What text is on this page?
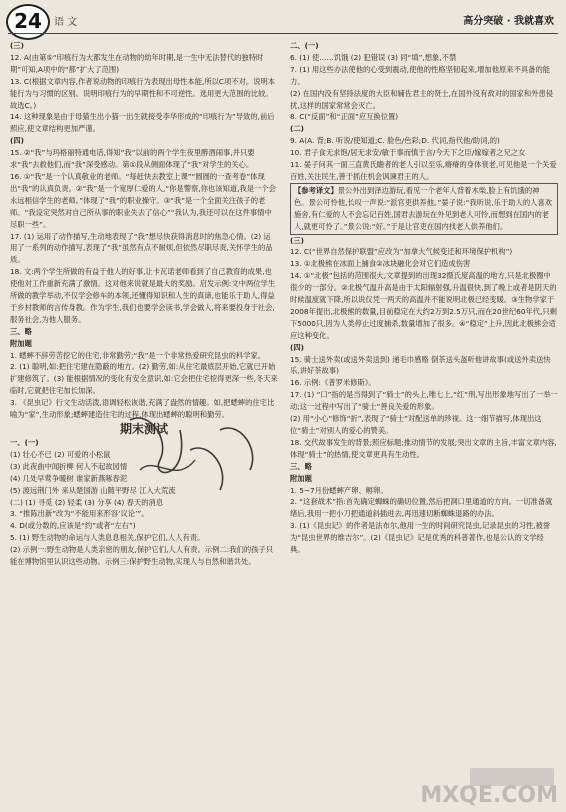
24	语 文	高分突破 · 我就喜欢

(三)

12. A(由第⑤“印痕行为大都发生在动物的幼年时期,是一生中无法替代的独特时期”可知,A项中的“都”扩大了范围)

13. C(根据文章内容,作者说动物的印痕行为表现出母性本能,所以C项不对。说明本能行为与习惯的区别。说明印痕行为的早期性和不可逆性。选用更大范围的比较。故选C。)

14. 这种现象是由于母猫生出小猫一出生就接受李华形成的“印痕行为”导致的,前后照应,使文章结构更加严谨。

(四)

15. ②“我”与玛格丽特通电话,得知“我”以前的两个学生夜里醉酒闹事,并只要求“我”去救他们,而“我”深受感动。第①段从侧面体现了“我”对学生的关心。

16. ①“我”是一个认真敬业的老师。“每赶快去教室上课”“圆圆的一查考卷”体现出“我”的认真负责。②“我”是一个宽厚仁爱的人,“你是警察,你也该知道,我是一个会永远相信学生的老师。”体现了“我”的职业操守。③“我”是一个全面关注孩子的老师。“我设定突然对自己所从事的职业失去了信心”“我认为,我还可以在这件事情中尽职一些”。

17. (1) 运用了动作描写,生动地表现了“我”想尽快获得消息时的焦急心情。(2) 运用了一系列的动作描写,表现了“我”虽然有点不耐烦,但依然尽职尽责,关怀学生的品质。

18. 文:两个学生所做的有益于他人的好事,让卡瓦诺老师看到了自己教育的成果,也使他对工作重新充满了激情。这对他来说就是最大的奖励。启发示例:文中两位学生所做的教学举动,不仅学会修车的本领,还懂得知识和人生的真谛,也能乐于助人,得益于乡村教师的言传身教。作为学生,我们也要学会读书,学会做人,将来要投身于社会,服务社会,为他人服务。

三、略

附加题

1. 蟋蟀不辞劳苦挖它的住宅,非常勤劳;“我”是一个非常热爱研究昆虫的科学家。

2. (1) 聪明,如:把住宅建在隐蔽的地方。(2) 勤劳,如:从住宅最底层开始,它就已开始扩建修筑了。(3) 能根据情况的变化有安全意识,如:它会把住宅挖得更深一些,冬天来临时,它就把住宅加长加深。

3. 《昆虫记》行文生动活泼,语调轻松诙谐,充满了盎然的情趣。如,把蟋蟀的住宅比喻为“家”,生动形象;蟋蟀建造住宅的过程,体现出蟋蟀的聪明和勤劳。

期末测试

一、(一)

(1) 壮心不已 (2) 可爱的小松鼠

(3) 此夜曲中闻折柳 何人不起故园情

(4) 几处早莺争暖树 谁家新燕啄春泥

(5) 渡远荆门外 来从楚国游 山随平野尽 江入大荒流

(二) (1) 寻觅 (2) 轻柔 (3) 分享 (4) 春天的消息

3. “推陈出新”改为“不能用来形容‘议论’”。

4. D(或分数的,应该是“约”或者“左右”)

5. (1) 野生动物的命运与人类息息相关,保护它们,人人有责。

(2) 示例一:野生动物是人类亲密的朋友,保护它们,人人有责。示例二:我们的孩子只能在博物馆里认识这些动物。示例三:保护野生动物,实现人与自然和谐共处。

二、(一)

6. (1) 使……饥饿 (2) 犯错误 (3) 同“填”,想象,不禁

7. (1) 用这些办法使他的心受到震动,使他的性格坚韧起来,增加他原来不具备的能力。

(2) 在国内没有坚持法度的大臣和辅佐君主的贤士,在国外没有敌对的国家和外患侵扰,这样的国家常常会灭亡。

8. C(“反面”和“正面”应互换位置)

(二)

9. A(A. 背;B. 听说/使知道;C. 脸色/色彩;D. 代词,指代他/助词,的)

10. 君子食无求饱/居无求安/敏于事而慎于言/今天下之臣/嫁嫁者之兄之女

11. 晏子问其一面三直黄氏瞻者的老人引以至乐,瘠瘠的身体衰老,可见他是一个关爱百姓,关注民生,善于抓住机会讽谏君王的人。

【参考译文】景公外出到泽边游玩,看见一个老年人背着木柴,脸上有饥饿的神色。景公可怜他,长叹一声说:“派官吏供养他。”晏子说:“我听说,乐于助人的人喜欢施舍,有仁爱的人不会忘记百姓,国君去游玩在外见到老人可怜,而想到在国内的老人,就更可怜了。”景公说:“好。”于是让官吏在国内找老人供养他们。

(三)

12. C(“世界自然保护联盟”应改为“加拿大气候变迁和环境保护机构”)

13. ①北极熊在冰面上捕食②冰块融化会对它们造成伤害

14. ①“北极”包括的范围很大,文章提到的出现32摄氏度高温的地方,只是北极圈中很少的一部分。②北极气温升高是由于太阳辐射强,升温很快,到了晚上或者是阴天的时候温度就下降,所以说仅凭一两天的高温并不能说明北极已经变暖。③生物学家于2008年提出,北极熊的数量,目前稳定在大约2万到2.5万只,而在20世纪60年代,只剩下5000只,因为人类停止过度捕杀,数量增加了很多。④“稳定”上升,因此北极熊会适应这种变化。

(四)

15. 骑士送外卖(或送外卖送到) 递毛巾感赂 倒茶送头盔听他讲故事(或送外卖送快乐,讲好茶故事)

16. 示例:《普罗米修斯》。

17. (1) “口”指的是当得到了“骑士”的头上,唯七上,“红”刑,写出形象地写出了一举一动;这一过程中写出了“骑士”善良关爱的形象。

(2) 用“小心”修饰“折”,表现了“骑士”对配送单的珍视。这一细节描写,体现出这位“骑士”对别人的爱心的赞美。

18. 交代故事发生的背景;照应标题;推动情节的发展;突出文章的主旨,丰富文章内容,体现“骑士”的热情,使文章更具有生动性。

三、略

附加题

1. 5~7月份蟋蟀产卵、孵卵。

2. “这套战术”指:首先确定蜘蛛的确切位置,然后把洞口里通道的方向。一切准备就绪后,我用一把小刀把通道斜插进去,再迅速切断蜘蛛退路的办法。

3. (1)《昆虫记》的作者是法布尔,他用一生的时间研究昆虫,记录昆虫的习性,被誉为“昆虫世界的维吉尔”。(2)《昆虫记》记是优秀的科普著作,也是公认的文学经典。

MXQE.COM
